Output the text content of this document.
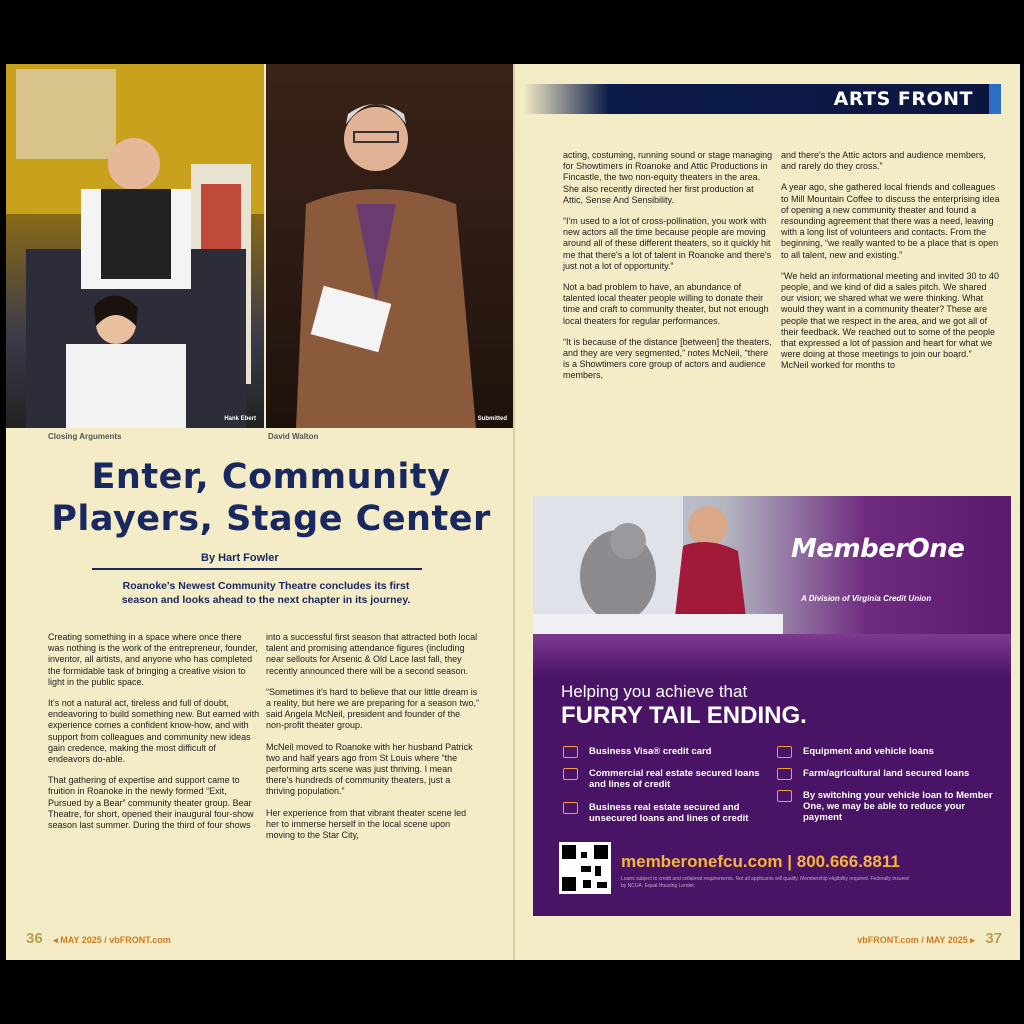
Hank Ebert	Submitted
Closing Arguments	David Walton
Enter, Community
Players, Stage Center
By Hart Fowler
Roanoke's Newest Community Theatre concludes its first
season and looks ahead to the next chapter in its journey.

Creating something in a space where once there was nothing is the work of the entrepreneur, founder, inventor, all artists, and anyone who has completed the formidable task of bringing a creative vision to light in the public space.

It's not a natural act, tireless and full of doubt, endeavoring to build something new. But earned with experience comes a confident know-how, and with support from colleagues and community new ideas gain credence, making the most difficult of endeavors do-able.

That gathering of expertise and support came to fruition in Roanoke in the newly formed “Exit, Pursued by a Bear” community theater group. Bear Theatre, for short, opened their inaugural four-show season last summer. During the third of four shows

into a successful first season that attracted both local talent and promising attendance figures (including near sellouts for Arsenic & Old Lace last fall, they recently announced there will be a second season.

“Sometimes it's hard to believe that our little dream is a reality, but here we are preparing for a season two,” said Angela McNeil, president and founder of the non-profit theater group.

McNeil moved to Roanoke with her husband Patrick two and half years ago from St Louis where “the performing arts scene was just thriving. I mean there's hundreds of community theaters, just a thriving population.”

Her experience from that vibrant theater scene led her to immerse herself in the local scene upon moving to the Star City,

36 ◂ MAY 2025 / vbFRONT.com
ARTS FRONT

acting, costuming, running sound or stage managing for Showtimers in Roanoke and Attic Productions in Fincastle, the two non-equity theaters in the area. She also recently directed her first production at Attic, Sense And Sensibility.

“I'm used to a lot of cross-pollination, you work with new actors all the time because people are moving around all of these different theaters, so it quickly hit me that there's a lot of talent in Roanoke and there's just not a lot of opportunity.”

Not a bad problem to have, an abundance of talented local theater people willing to donate their time and craft to community theater, but not enough local theaters for regular performances.

“It is because of the distance [between] the theaters, and they are very segmented,” notes McNeil, “there is a Showtimers core group of actors and audience members,

and there's the Attic actors and audience members, and rarely do they cross.”

A year ago, she gathered local friends and colleagues to Mill Mountain Coffee to discuss the enterprising idea of opening a new community theater and found a resounding agreement that there was a need, leaving with a long list of volunteers and contacts. From the beginning, “we really wanted to be a place that is open to all talent, new and existing.”

“We held an informational meeting and invited 30 to 40 people, and we kind of did a sales pitch. We shared our vision; we shared what we were thinking. What would they want in a community theater? These are people that we respect in the area, and we got all of their feedback. We reached out to some of the people that expressed a lot of passion and heart for what we were doing at those meetings to join our board.” McNeil worked for months to

MemberOne
A Division of Virginia Credit Union
Helping you achieve that
FURRY TAIL ENDING.
Business Visa® credit card
Commercial real estate secured loans and lines of credit
Business real estate secured and unsecured loans and lines of credit
Equipment and vehicle loans
Farm/agricultural land secured loans
By switching your vehicle loan to Member One, we may be able to reduce your payment
memberonefcu.com | 800.666.8811
Loans subject to credit and collateral requirements. Not all applicants will qualify. Membership eligibility required. Federally insured by NCUA. Equal Housing Lender.
vbFRONT.com / MAY 2025 ▸ 37
